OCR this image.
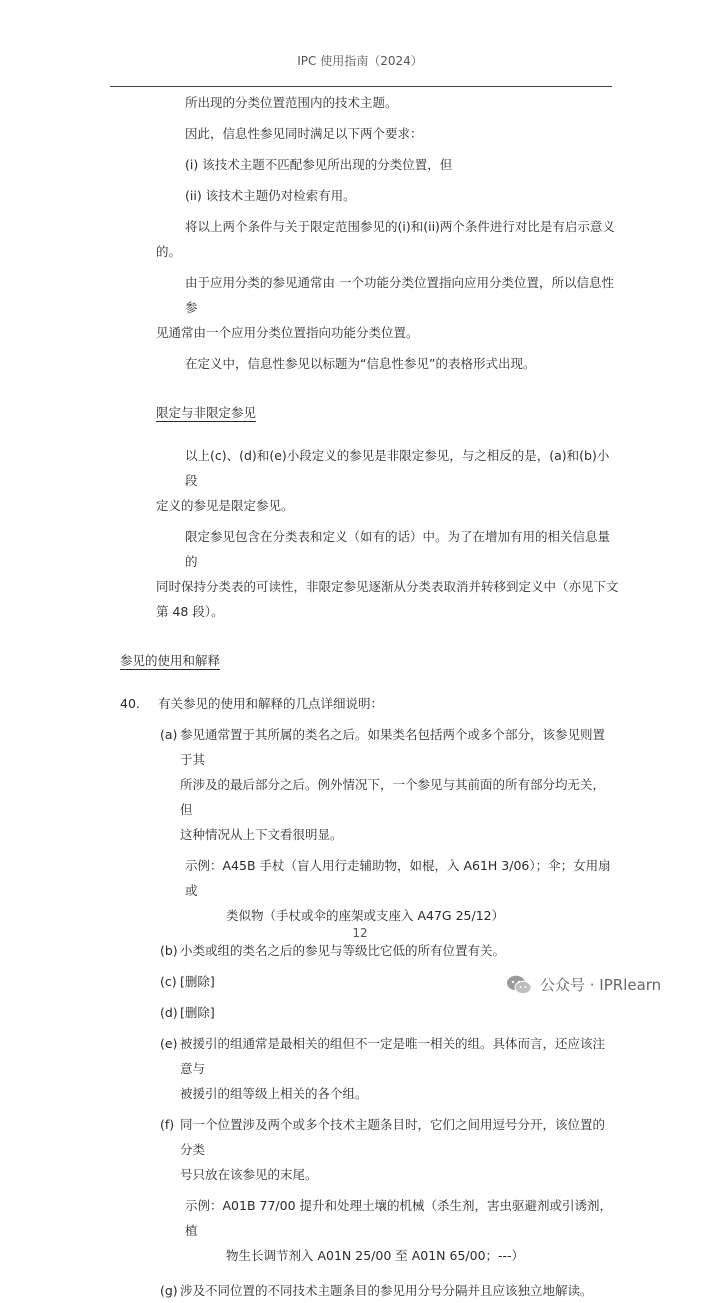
IPC 使用指南（2024）

所出现的分类位置范围内的技术主题。

因此，信息性参见同时满足以下两个要求：

(i) 该技术主题不匹配参见所出现的分类位置，但

(ii) 该技术主题仍对检索有用。

将以上两个条件与关于限定范围参见的(i)和(ii)两个条件进行对比是有启示意义
的。

由于应用分类的参见通常由 一个功能分类位置指向应用分类位置，所以信息性参
见通常由一个应用分类位置指向功能分类位置。

在定义中，信息性参见以标题为“信息性参见”的表格形式出现。

限定与非限定参见

以上(c)、(d)和(e)小段定义的参见是非限定参见，与之相反的是，(a)和(b)小段
定义的参见是限定参见。

限定参见包含在分类表和定义（如有的话）中。为了在增加有用的相关信息量的
同时保持分类表的可读性，非限定参见逐渐从分类表取消并转移到定义中（亦见下文
第 48 段）。

参见的使用和解释

40. 有关参见的使用和解释的几点详细说明：

(a) 参见通常置于其所属的类名之后。如果类名包括两个或多个部分，该参见则置于其
所涉及的最后部分之后。例外情况下，一个参见与其前面的所有部分均无关，但
这种情况从上下文看很明显。

示例：A45B 手杖（盲人用行走辅助物，如棍，入 A61H 3/06）；伞；女用扇或
类似物（手杖或伞的座架或支座入 A47G 25/12）

(b) 小类或组的类名之后的参见与等级比它低的所有位置有关。

(c) [删除]

(d) [删除]

(e) 被援引的组通常是最相关的组但不一定是唯一相关的组。具体而言，还应该注意与
被援引的组等级上相关的各个组。

(f) 同一个位置涉及两个或多个技术主题条目时，它们之间用逗号分开，该位置的分类
号只放在该参见的末尾。

示例：A01B 77/00 提升和处理土壤的机械（杀生剂，害虫驱避剂或引诱剂，植
物生长调节剂入 A01N 25/00 至 A01N 65/00；---）

(g) 涉及不同位置的不同技术主题条目的参见用分号分隔并且应该独立地解读。

12
公众号 · IPRlearn
